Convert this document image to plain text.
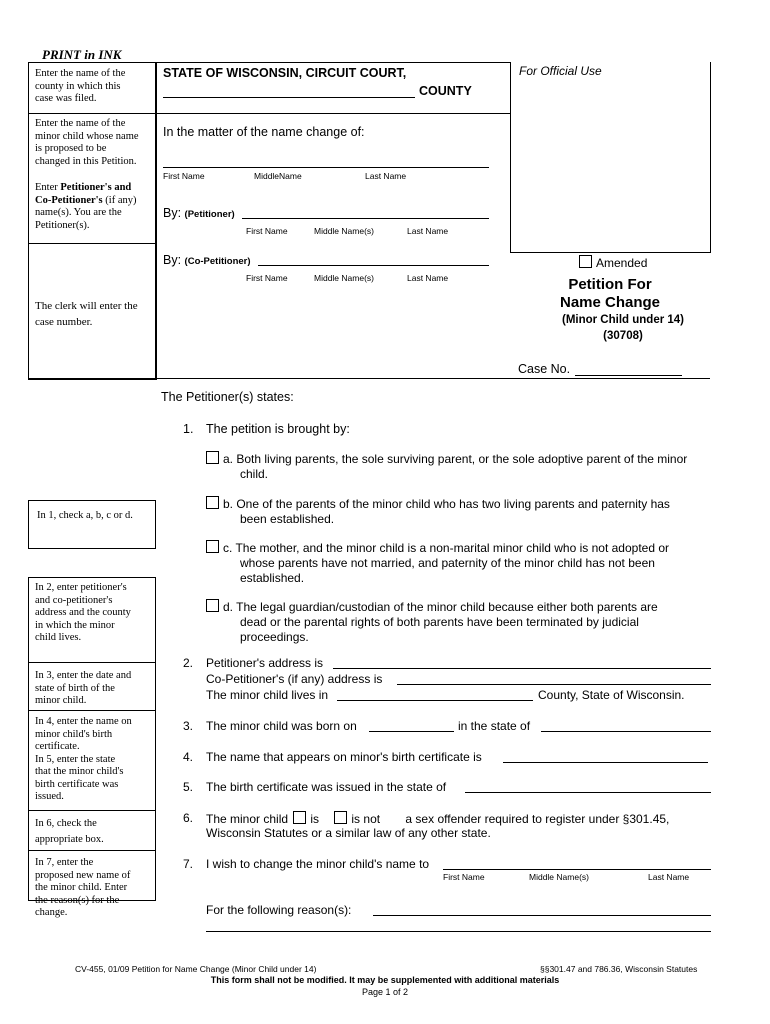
PRINT in INK
Enter the name of the
county in which this
case was filed.
Enter the name of the
minor child whose name
is proposed to be
changed in this Petition.
Enter Petitioner's and
Co-Petitioner's (if any)
name(s). You are the
Petitioner(s).
The clerk will enter the
case number.
STATE OF WISCONSIN, CIRCUIT COURT,
COUNTY
For Official Use
In the matter of the name change of:
First Name	MiddleName	Last Name
By: (Petitioner)
First Name	Middle Name(s)	Last Name
By: (Co-Petitioner)
First Name	Middle Name(s)	Last Name
Amended
Petition For
Name Change
(Minor Child under 14)
(30708)
Case No.
In 1, check a, b, c or d.
In 2, enter petitioner's
and co-petitioner's
address and the county
in which the minor
child lives.
In 3, enter the date and
state of birth of the
minor child.
In 4, enter the name on
minor child's birth
certificate.
In 5, enter the state
that the minor child's
birth certificate was
issued.
In 6, check the
appropriate box.
In 7, enter the
proposed new name of
the minor child. Enter
the reason(s) for the
change.
The Petitioner(s) states:
1. The petition is brought by:
a. Both living parents, the sole surviving parent, or the sole adoptive parent of the minor
child.
b. One of the parents of the minor child who has two living parents and paternity has
been established.
c. The mother, and the minor child is a non-marital minor child who is not adopted or
whose parents have not married, and paternity of the minor child has not been
established.
d. The legal guardian/custodian of the minor child because either both parents are
dead or the parental rights of both parents have been terminated by judicial
proceedings.
2. Petitioner's address is
Co-Petitioner's (if any) address is
The minor child lives in	County, State of Wisconsin.
3. The minor child was born on	in the state of
4. The name that appears on minor's birth certificate is
5. The birth certificate was issued in the state of
6. The minor child is	is not a sex offender required to register under §301.45,
Wisconsin Statutes or a similar law of any other state.
7. I wish to change the minor child's name to
First Name	Middle Name(s)	Last Name
For the following reason(s):
CV-455, 01/09 Petition for Name Change (Minor Child under 14)	§§301.47 and 786.36, Wisconsin Statutes
This form shall not be modified. It may be supplemented with additional materials
Page 1 of 2
